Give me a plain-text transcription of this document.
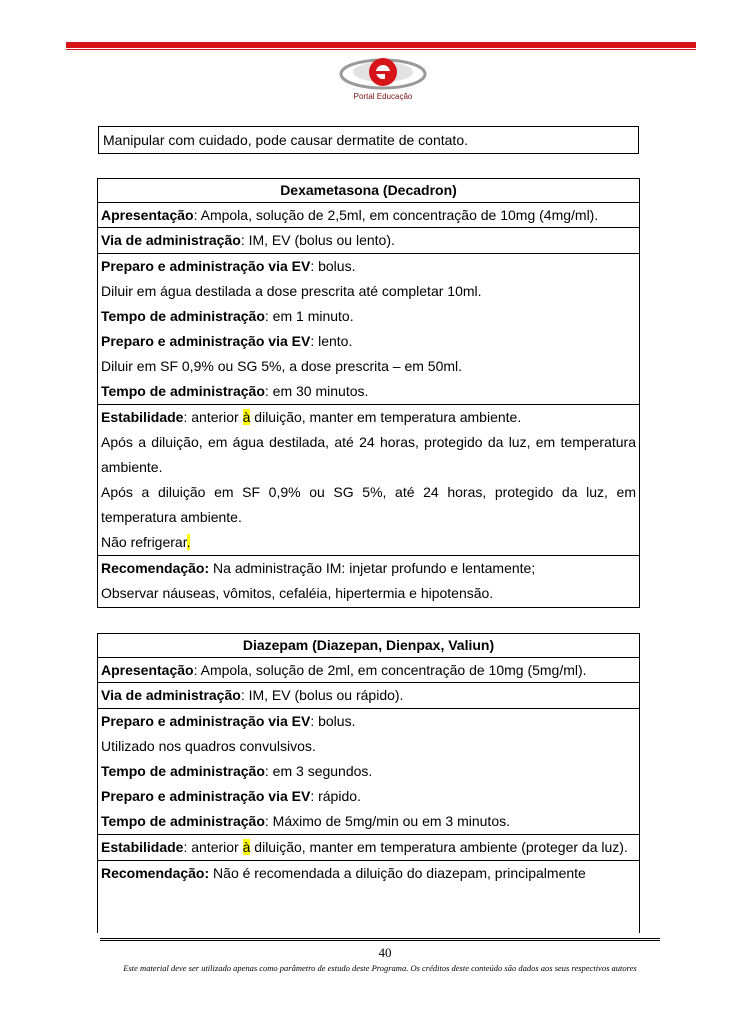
Portal Educação
Manipular com cuidado, pode causar dermatite de contato.
Dexametasona (Decadron)
Apresentação: Ampola, solução de 2,5ml, em concentração de 10mg (4mg/ml).
Via de administração: IM, EV (bolus ou lento).
Preparo e administração via EV: bolus.
Diluir em água destilada a dose prescrita até completar 10ml.
Tempo de administração: em 1 minuto.
Preparo e administração via EV: lento.
Diluir em SF 0,9% ou SG 5%, a dose prescrita – em 50ml.
Tempo de administração: em 30 minutos.
Estabilidade: anterior à diluição, manter em temperatura ambiente.
Após a diluição, em água destilada, até 24 horas, protegido da luz, em temperatura ambiente.
Após a diluição em SF 0,9% ou SG 5%, até 24 horas, protegido da luz, em temperatura ambiente.
Não refrigerar.
Recomendação: Na administração IM: injetar profundo e lentamente;
Observar náuseas, vômitos, cefaléia, hipertermia e hipotensão.
Diazepam (Diazepan, Dienpax, Valiun)
Apresentação: Ampola, solução de 2ml, em concentração de 10mg (5mg/ml).
Via de administração: IM, EV (bolus ou rápido).
Preparo e administração via EV: bolus.
Utilizado nos quadros convulsivos.
Tempo de administração: em 3 segundos.
Preparo e administração via EV: rápido.
Tempo de administração: Máximo de 5mg/min ou em 3 minutos.
Estabilidade: anterior à diluição, manter em temperatura ambiente (proteger da luz).
Recomendação: Não é recomendada a diluição do diazepam, principalmente
40
Este material deve ser utilizado apenas como parâmetro de estudo deste Programa. Os créditos deste conteúdo são dados aos seus respectivos autores
